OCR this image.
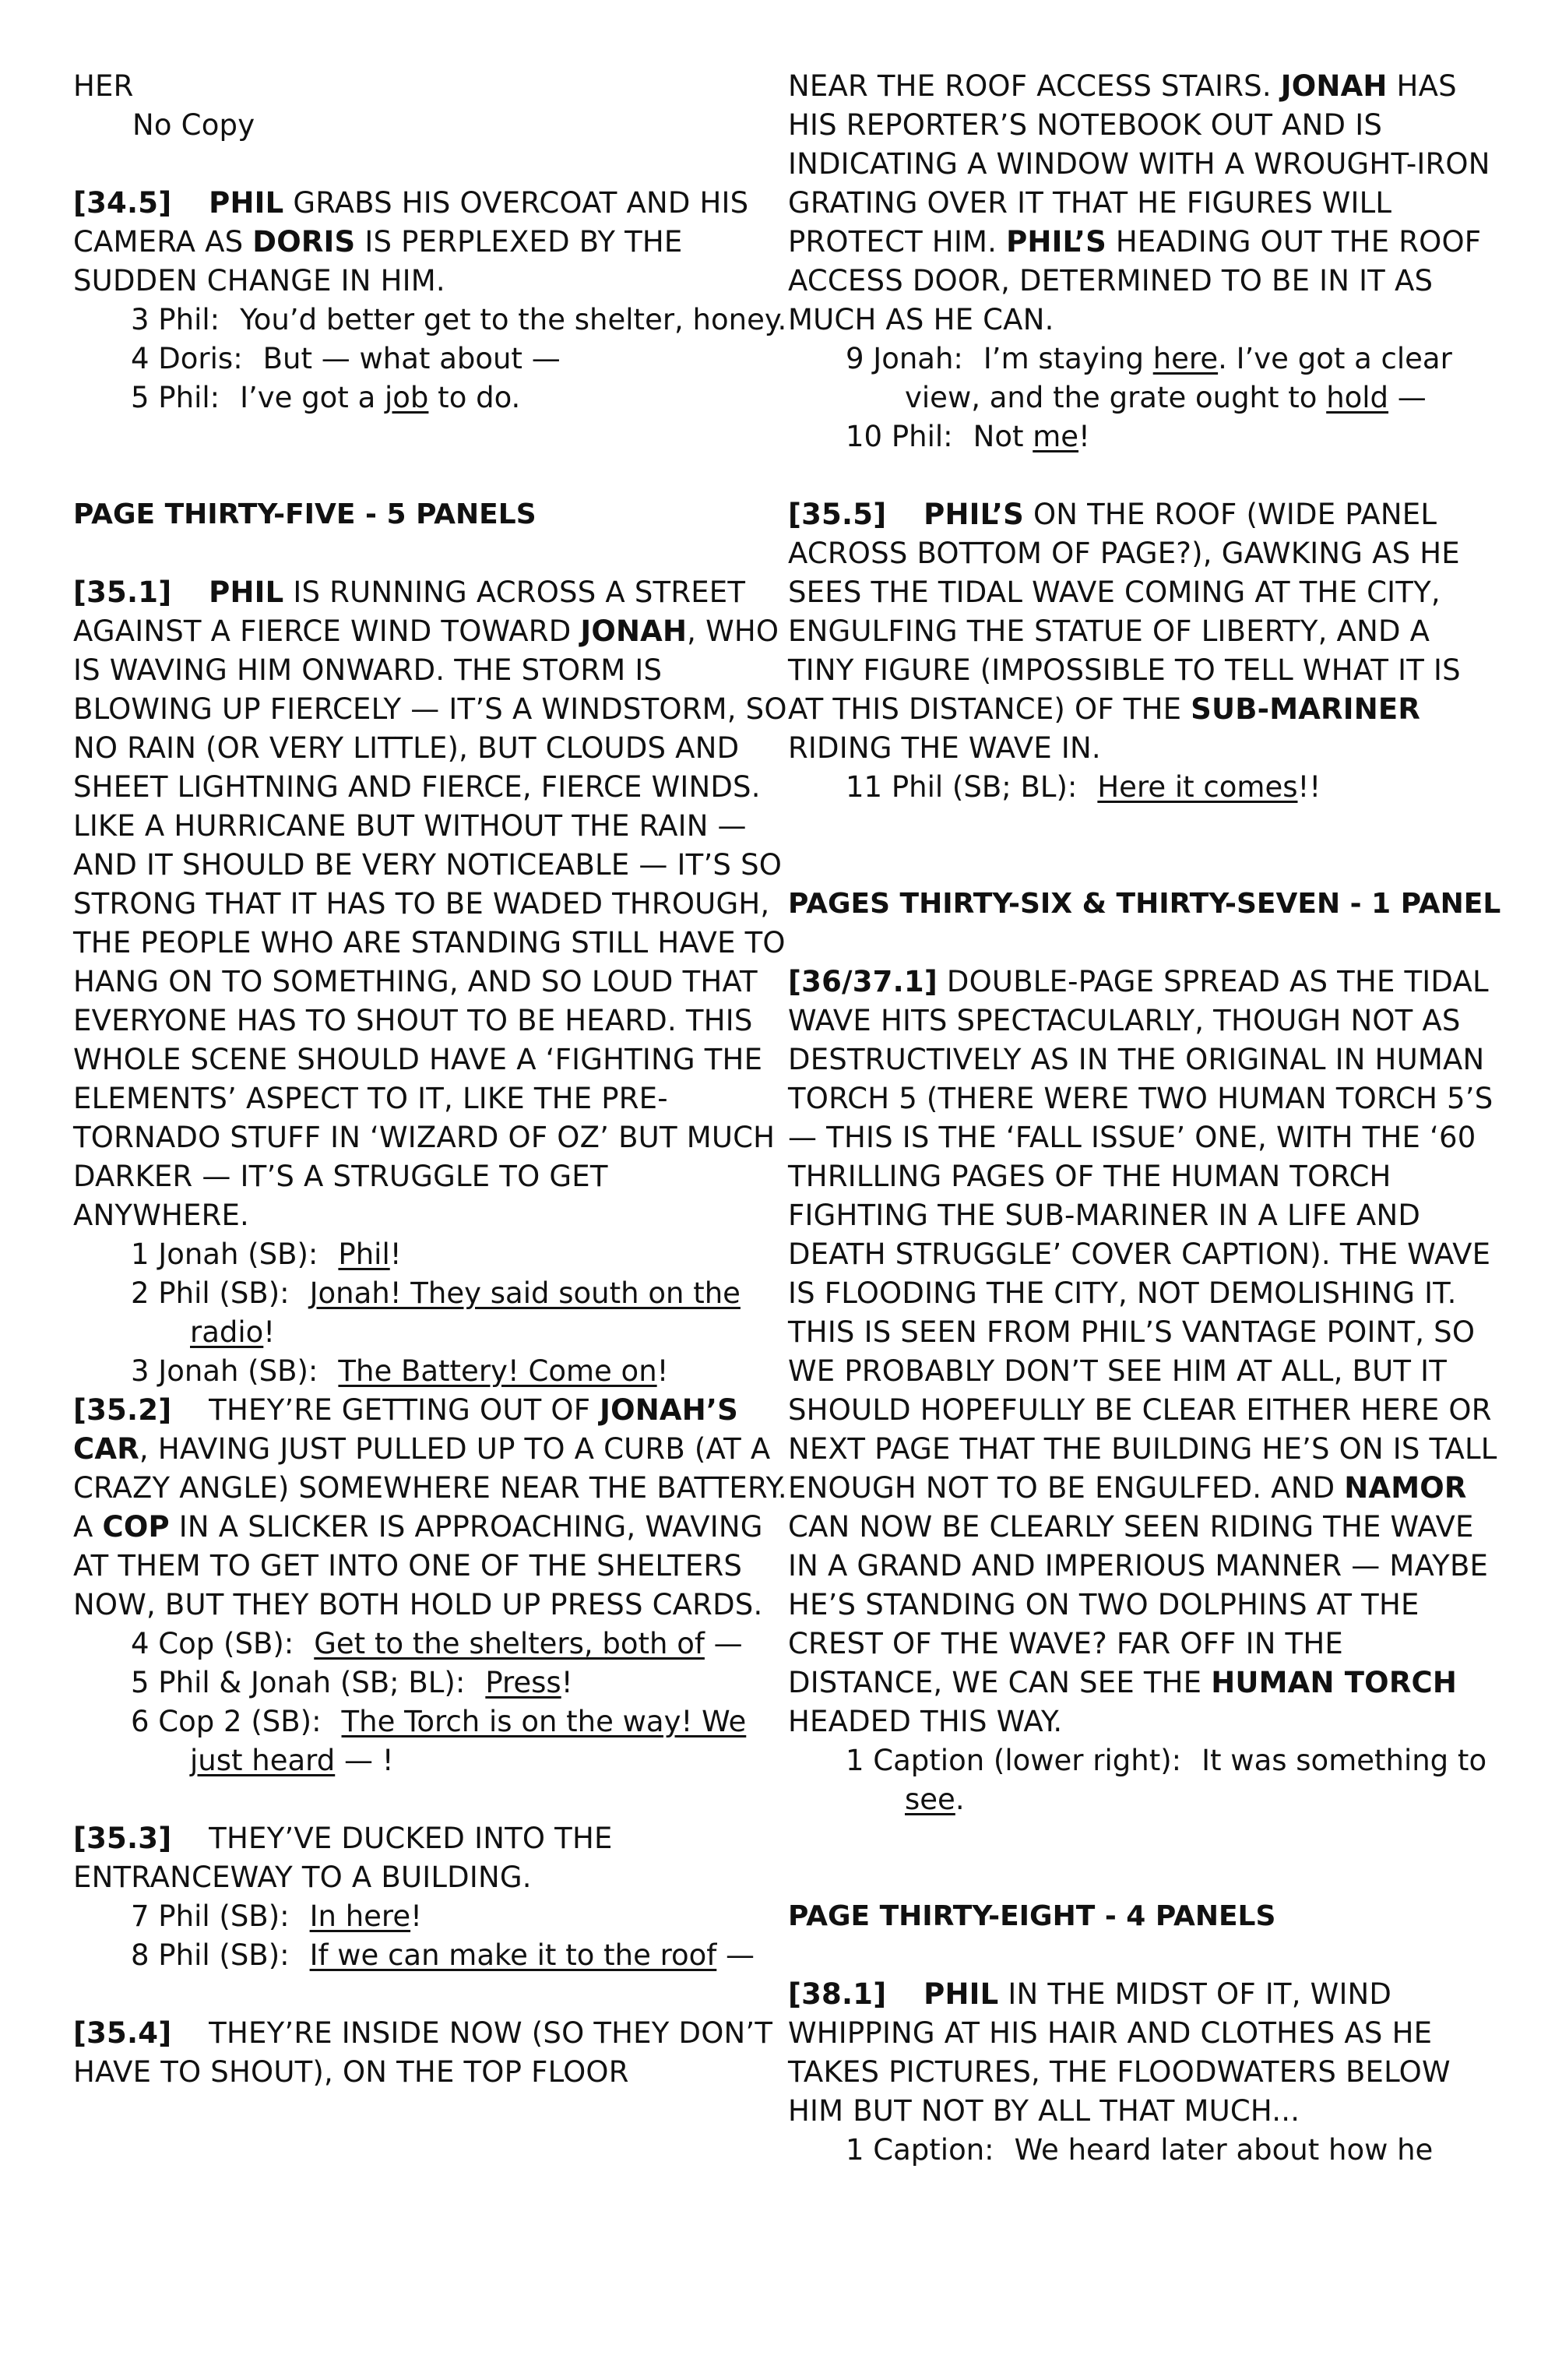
HER

No Copy

[34.5] PHIL GRABS HIS OVERCOAT AND HIS CAMERA AS DORIS IS PERPLEXED BY THE SUDDEN CHANGE IN HIM.

3 Phil: You’d better get to the shelter, honey.

4 Doris: But — what about —

5 Phil: I’ve got a job to do.

PAGE THIRTY-FIVE - 5 PANELS

[35.1] PHIL IS RUNNING ACROSS A STREET AGAINST A FIERCE WIND TOWARD JONAH, WHO IS WAVING HIM ONWARD. THE STORM IS BLOWING UP FIERCELY — IT’S A WINDSTORM, SO NO RAIN (OR VERY LITTLE), BUT CLOUDS AND SHEET LIGHTNING AND FIERCE, FIERCE WINDS. LIKE A HURRICANE BUT WITHOUT THE RAIN — AND IT SHOULD BE VERY NOTICEABLE — IT’S SO STRONG THAT IT HAS TO BE WADED THROUGH, THE PEOPLE WHO ARE STANDING STILL HAVE TO HANG ON TO SOMETHING, AND SO LOUD THAT EVERYONE HAS TO SHOUT TO BE HEARD. THIS WHOLE SCENE SHOULD HAVE A ‘FIGHTING THE ELEMENTS’ ASPECT TO IT, LIKE THE PRE-TORNADO STUFF IN ‘WIZARD OF OZ’ BUT MUCH DARKER — IT’S A STRUGGLE TO GET ANYWHERE.

1 Jonah (SB): Phil!

2 Phil (SB): Jonah! They said south on the radio!

3 Jonah (SB): The Battery! Come on!

[35.2] THEY’RE GETTING OUT OF JONAH’S CAR, HAVING JUST PULLED UP TO A CURB (AT A CRAZY ANGLE) SOMEWHERE NEAR THE BATTERY. A COP IN A SLICKER IS APPROACHING, WAVING AT THEM TO GET INTO ONE OF THE SHELTERS NOW, BUT THEY BOTH HOLD UP PRESS CARDS.

4 Cop (SB): Get to the shelters, both of —

5 Phil & Jonah (SB; BL): Press!

6 Cop 2 (SB): The Torch is on the way! We just heard — !

[35.3] THEY’VE DUCKED INTO THE ENTRANCEWAY TO A BUILDING.

7 Phil (SB): In here!

8 Phil (SB): If we can make it to the roof —

[35.4] THEY’RE INSIDE NOW (SO THEY DON’T HAVE TO SHOUT), ON THE TOP FLOOR

NEAR THE ROOF ACCESS STAIRS. JONAH HAS HIS REPORTER’S NOTEBOOK OUT AND IS INDICATING A WINDOW WITH A WROUGHT-IRON GRATING OVER IT THAT HE FIGURES WILL PROTECT HIM. PHIL’S HEADING OUT THE ROOF ACCESS DOOR, DETERMINED TO BE IN IT AS MUCH AS HE CAN.

9 Jonah: I’m staying here. I’ve got a clear view, and the grate ought to hold —

10 Phil: Not me!

[35.5] PHIL’S ON THE ROOF (WIDE PANEL ACROSS BOTTOM OF PAGE?), GAWKING AS HE SEES THE TIDAL WAVE COMING AT THE CITY, ENGULFING THE STATUE OF LIBERTY, AND A TINY FIGURE (IMPOSSIBLE TO TELL WHAT IT IS AT THIS DISTANCE) OF THE SUB-MARINER RIDING THE WAVE IN.

11 Phil (SB; BL): Here it comes!!

PAGES THIRTY-SIX & THIRTY-SEVEN - 1 PANEL

[36/37.1] DOUBLE-PAGE SPREAD AS THE TIDAL WAVE HITS SPECTACULARLY, THOUGH NOT AS DESTRUCTIVELY AS IN THE ORIGINAL IN HUMAN TORCH 5 (THERE WERE TWO HUMAN TORCH 5’S — THIS IS THE ‘FALL ISSUE’ ONE, WITH THE ‘60 THRILLING PAGES OF THE HUMAN TORCH FIGHTING THE SUB-MARINER IN A LIFE AND DEATH STRUGGLE’ COVER CAPTION). THE WAVE IS FLOODING THE CITY, NOT DEMOLISHING IT. THIS IS SEEN FROM PHIL’S VANTAGE POINT, SO WE PROBABLY DON’T SEE HIM AT ALL, BUT IT SHOULD HOPEFULLY BE CLEAR EITHER HERE OR NEXT PAGE THAT THE BUILDING HE’S ON IS TALL ENOUGH NOT TO BE ENGULFED. AND NAMOR CAN NOW BE CLEARLY SEEN RIDING THE WAVE IN A GRAND AND IMPERIOUS MANNER — MAYBE HE’S STANDING ON TWO DOLPHINS AT THE CREST OF THE WAVE? FAR OFF IN THE DISTANCE, WE CAN SEE THE HUMAN TORCH HEADED THIS WAY.

1 Caption (lower right): It was something to see.

PAGE THIRTY-EIGHT - 4 PANELS

[38.1] PHIL IN THE MIDST OF IT, WIND WHIPPING AT HIS HAIR AND CLOTHES AS HE TAKES PICTURES, THE FLOODWATERS BELOW HIM BUT NOT BY ALL THAT MUCH...

1 Caption: We heard later about how he
